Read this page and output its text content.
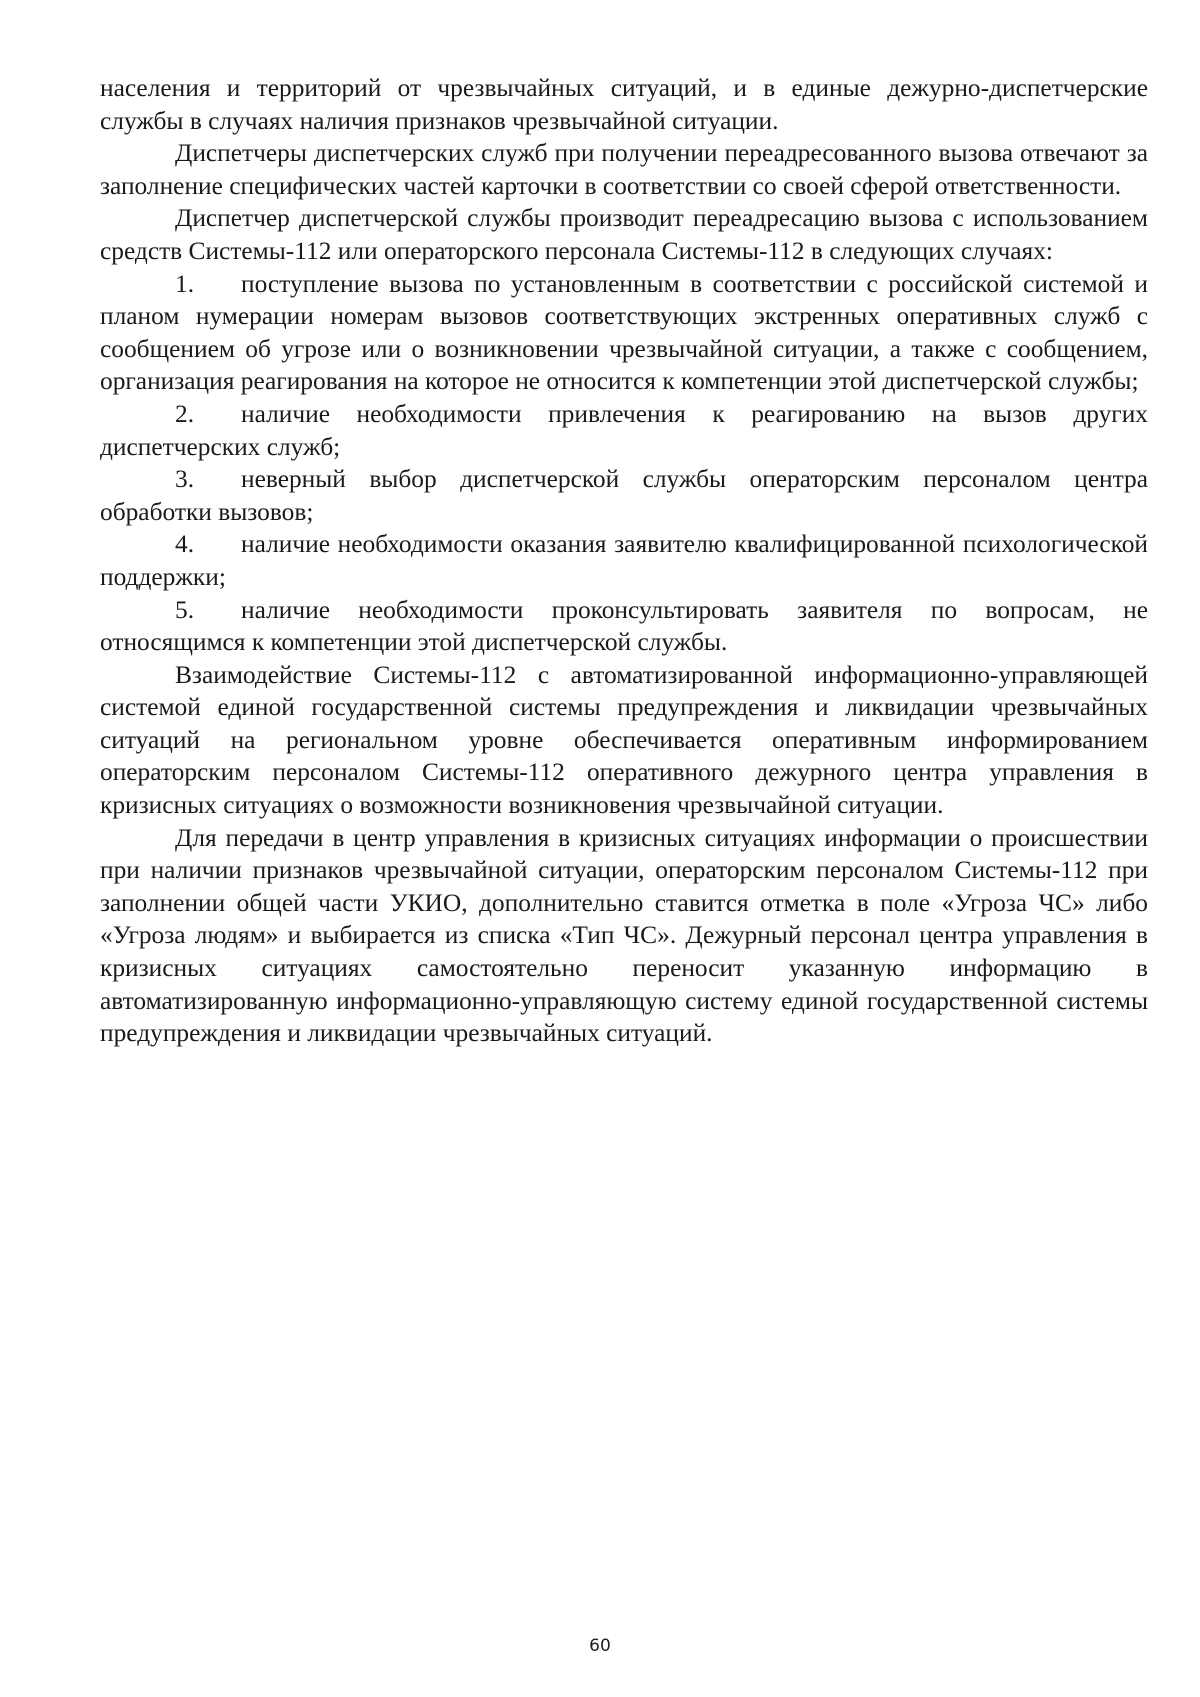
населения и территорий от чрезвычайных ситуаций, и в единые дежурно-диспетчерские службы в случаях наличия признаков чрезвычайной ситуации.

Диспетчеры диспетчерских служб при получении переадресованного вызова отвечают за заполнение специфических частей карточки в соответствии со своей сферой ответственности.

Диспетчер диспетчерской службы производит переадресацию вызова с использованием средств Системы-112 или операторского персонала Системы-112 в следующих случаях:

1. поступление вызова по установленным в соответствии с российской системой и планом нумерации номерам вызовов соответствующих экстренных оперативных служб с сообщением об угрозе или о возникновении чрезвычайной ситуации, а также с сообщением, организация реагирования на которое не относится к компетенции этой диспетчерской службы;

2. наличие необходимости привлечения к реагированию на вызов других диспетчерских служб;

3. неверный выбор диспетчерской службы операторским персоналом центра обработки вызовов;

4. наличие необходимости оказания заявителю квалифицированной психологической поддержки;

5. наличие необходимости проконсультировать заявителя по вопросам, не относящимся к компетенции этой диспетчерской службы.

Взаимодействие Системы-112 с автоматизированной информационно-управляющей системой единой государственной системы предупреждения и ликвидации чрезвычайных ситуаций на региональном уровне обеспечивается оперативным информированием операторским персоналом Системы-112 оперативного дежурного центра управления в кризисных ситуациях о возможности возникновения чрезвычайной ситуации.

Для передачи в центр управления в кризисных ситуациях информации о происшествии при наличии признаков чрезвычайной ситуации, операторским персоналом Системы-112 при заполнении общей части УКИО, дополнительно ставится отметка в поле «Угроза ЧС» либо «Угроза людям» и выбирается из списка «Тип ЧС». Дежурный персонал центра управления в кризисных ситуациях самостоятельно переносит указанную информацию в автоматизированную информационно-управляющую систему единой государственной системы предупреждения и ликвидации чрезвычайных ситуаций.

60
